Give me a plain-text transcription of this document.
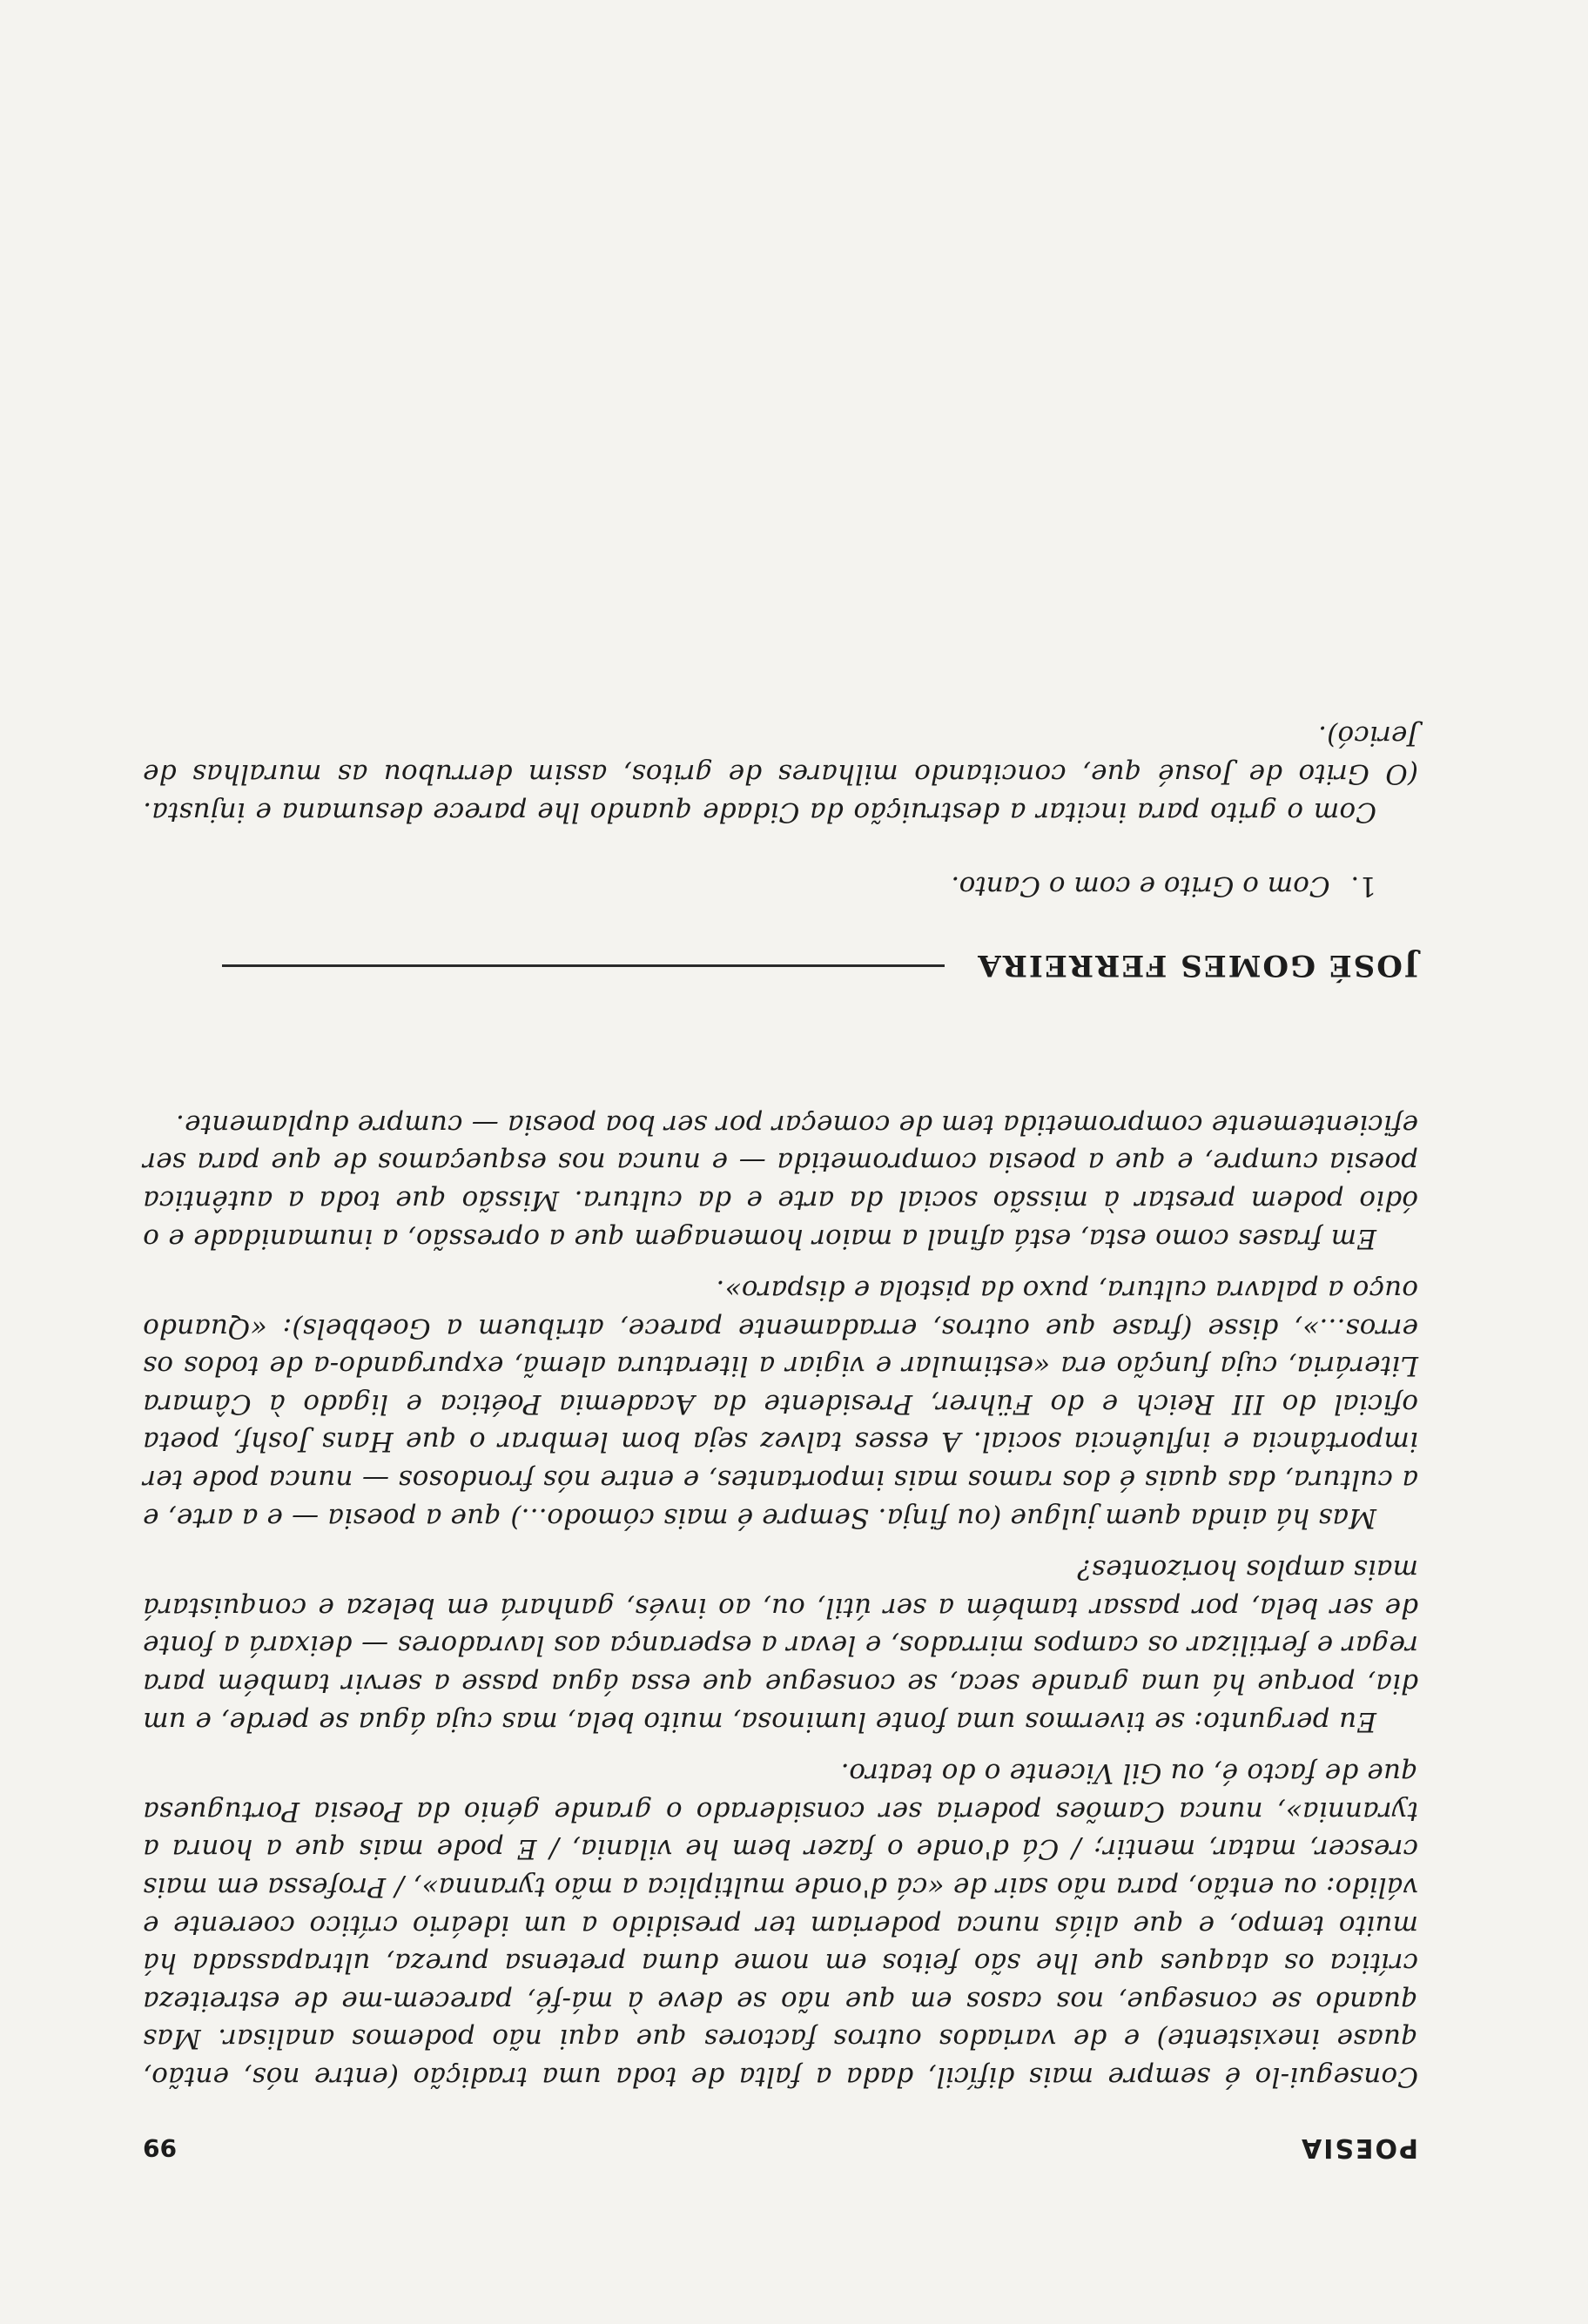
POESIA
99

Consegui-lo é sempre mais difícil, dada a falta de toda uma tradição (entre nós, então, quase inexistente) e de variados outros factores que aqui não podemos analisar. Mas quando se consegue, nos casos em que não se deve à má-fé, parecem-me de estreiteza crítica os ataques que lhe são feitos em nome duma pretensa pureza, ultrapassada há muito tempo, e que aliás nunca poderiam ter presidido a um ideário crítico coerente e válido: ou então, para não sair de «cá d'onde multiplica a mão tyranna», / Professa em mais crescer, matar, mentir; / Cá d'onde o fazer bem he vilania, / E pode mais que a honra a tyrannia», nunca Camões poderia ser considerado o grande génio da Poesia Portuguesa que de facto é, ou Gil Vicente o do teatro.

Eu pergunto: se tivermos uma fonte luminosa, muito bela, mas cuja água se perde, e um dia, porque há uma grande seca, se consegue que essa água passe a servir também para regar e fertilizar os campos mirrados, e levar a esperança aos lavradores — deixará a fonte de ser bela, por passar também a ser útil, ou, ao invés, ganhará em beleza e conquistará mais amplos horizontes?

Mas há ainda quem julgue (ou finja. Sempre é mais cómodo...) que a poesia — e a arte, e a cultura, das quais é dos ramos mais importantes, e entre nós frondosos — nunca pode ter importância e influência social. A esses talvez seja bom lembrar o que Hans Joshf, poeta oficial do III Reich e do Führer, Presidente da Academia Poética e ligado à Câmara Literária, cuja função era «estimular e vigiar a literatura alemã, expurgando-a de todos os erros...», disse (frase que outros, erradamente parece, atribuem a Goebbels): «Quando ouço a palavra cultura, puxo da pistola e disparo».

Em frases como esta, está afinal a maior homenagem que a opressão, a inumanidade e o ódio podem prestar à missão social da arte e da cultura. Missão que toda a autêntica poesia cumpre, e que a poesia comprometida — e nunca nos esqueçamos de que para ser eficientemente comprometida tem de começar por ser boa poesia — cumpre duplamente.

JOSÉ GOMES FERREIRA
1. Com o Grito e com o Canto.

Com o grito para incitar a destruição da Cidade quando lhe parece desumana e injusta. (O Grito de Josué que, concitando milhares de gritos, assim derrubou as muralhas de Jericó).
